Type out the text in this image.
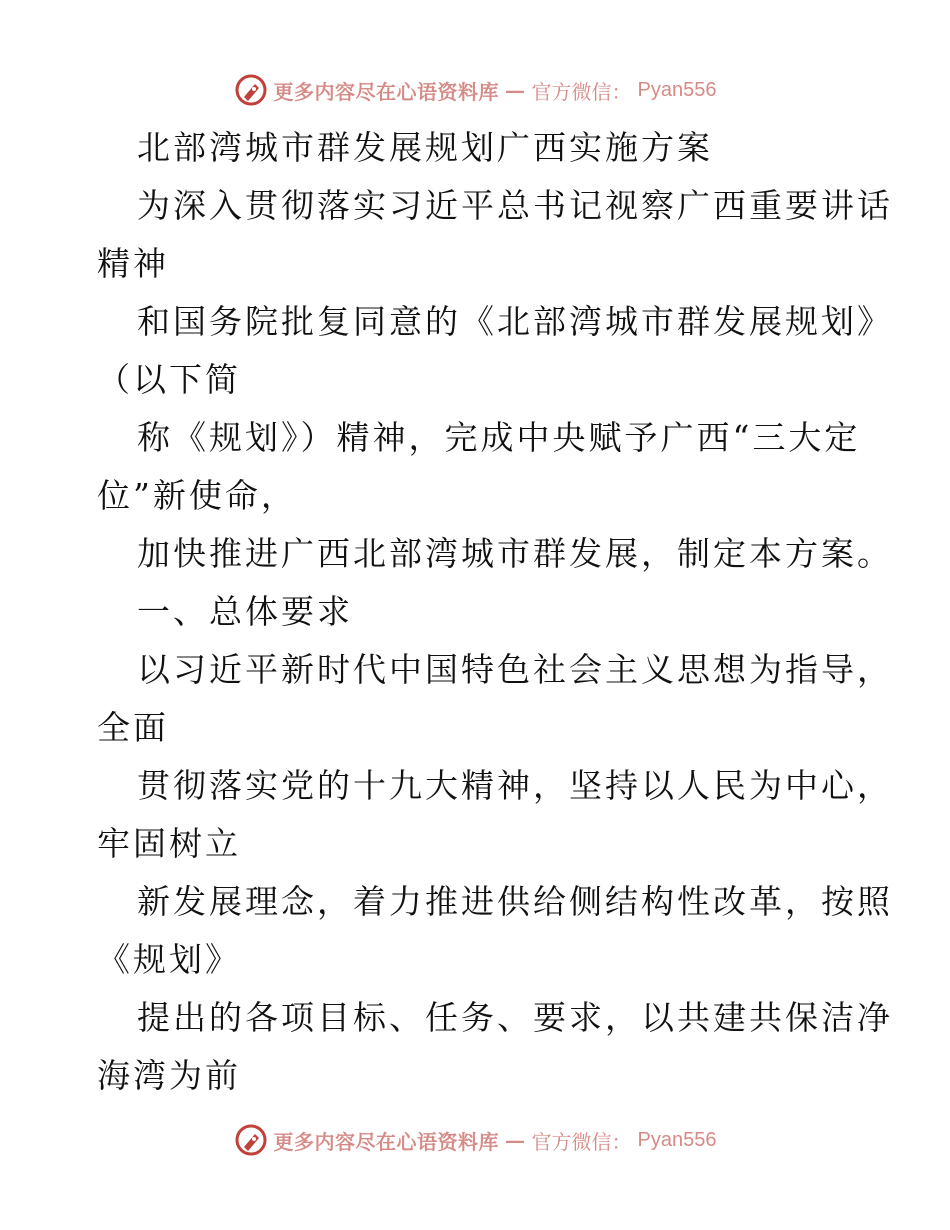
更多内容尽在心语资料库 — 官方微信： Pyan556
北部湾城市群发展规划广西实施方案
为深入贯彻落实习近平总书记视察广西重要讲话
精神
和国务院批复同意的《北部湾城市群发展规划》
（以下简
称《规划》）精神，完成中央赋予广西“三大定
位”新使命，
加快推进广西北部湾城市群发展，制定本方案。
一、总体要求
以习近平新时代中国特色社会主义思想为指导，
全面
贯彻落实党的十九大精神，坚持以人民为中心，
牢固树立
新发展理念，着力推进供给侧结构性改革，按照
《规划》
提出的各项目标、任务、要求，以共建共保洁净
海湾为前
更多内容尽在心语资料库 — 官方微信： Pyan556
